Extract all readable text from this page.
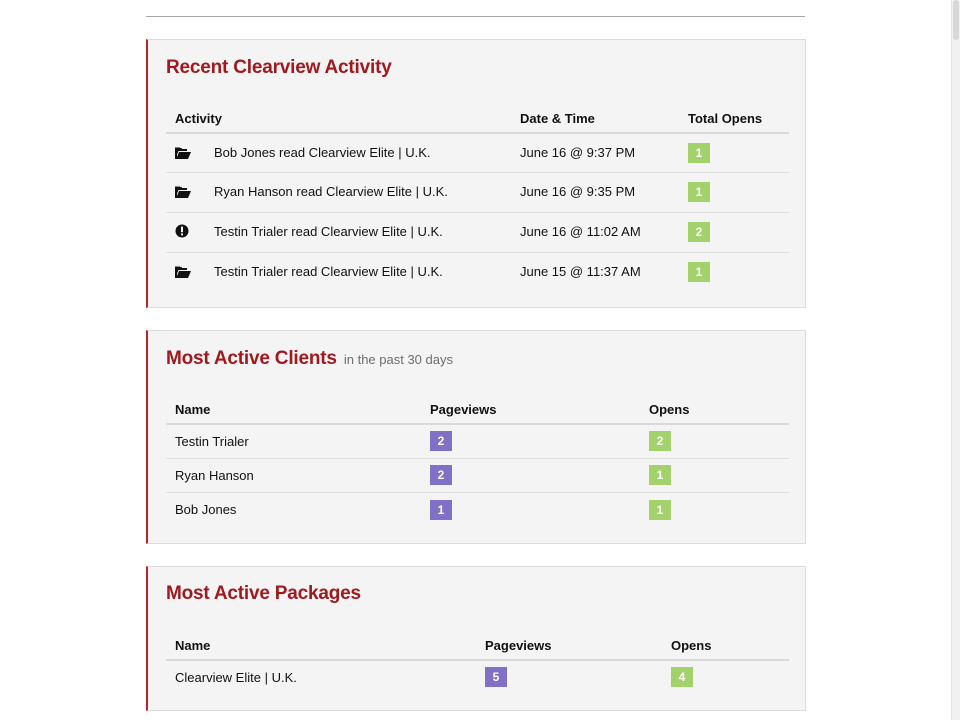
Recent Clearview Activity
Activity	Date & Time	Total Opens
Bob Jones read Clearview Elite | U.K.	June 16 @ 9:37 PM	1
Ryan Hanson read Clearview Elite | U.K.	June 16 @ 9:35 PM	1
Testin Trialer read Clearview Elite | U.K.	June 16 @ 11:02 AM	2
Testin Trialer read Clearview Elite | U.K.	June 15 @ 11:37 AM	1
Most Active Clients in the past 30 days
Name	Pageviews	Opens
Testin Trialer	2	2
Ryan Hanson	2	1
Bob Jones	1	1
Most Active Packages
Name	Pageviews	Opens
Clearview Elite | U.K.	5	4
